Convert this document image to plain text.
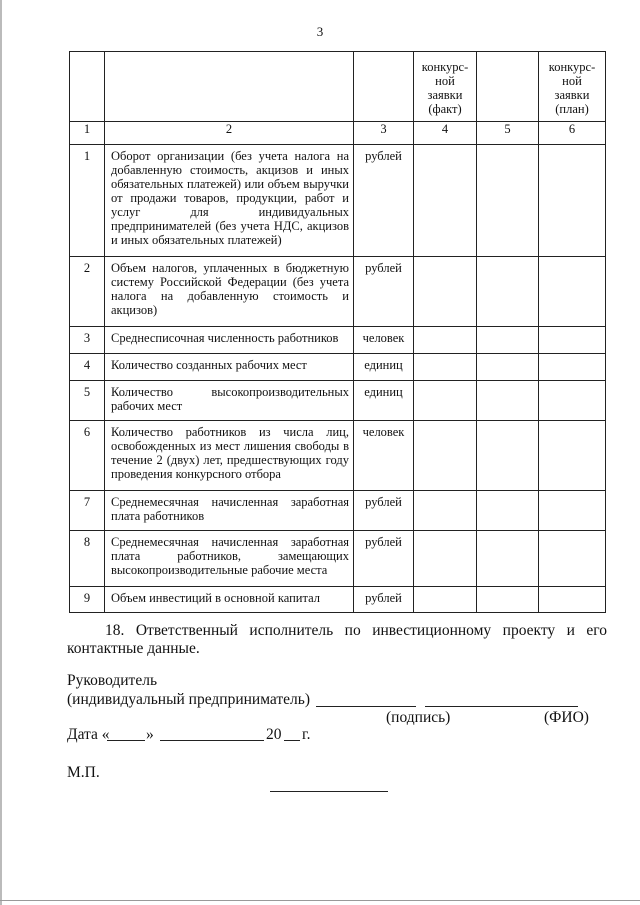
3
			конкурс-
ной
заявки
(факт)		конкурс-
ной
заявки
(план)
1	2	3	4	5	6
1	Оборот организации (без учета налога на добавленную стоимость, акцизов и иных обязательных платежей) или объем выручки от продажи товаров, продукции, работ и услуг для индивидуальных предпринимателей (без учета НДС, акцизов и иных обязательных платежей)	рублей			
2	Объем налогов, уплаченных в бюджетную систему Российской Федерации (без учета налога на добавленную стоимость и акцизов)	рублей			
3	Среднесписочная численность работников	человек			
4	Количество созданных рабочих мест	единиц			
5	Количество высокопроизводительных рабочих мест	единиц			
6	Количество работников из числа лиц, освобожденных из мест лишения свободы в течение 2 (двух) лет, предшествующих году проведения конкурсного отбора	человек			
7	Среднемесячная начисленная заработная плата работников	рублей			
8	Среднемесячная начисленная заработная плата работников, замещающих высокопроизводительные рабочие места	рублей			
9	Объем инвестиций в основной капитал	рублей			
18. Ответственный исполнитель по инвестиционному проекту и его контактные данные.
Руководитель
(индивидуальный предприниматель)
(подпись)	(ФИО)
Дата « »	20 г.
М.П.
